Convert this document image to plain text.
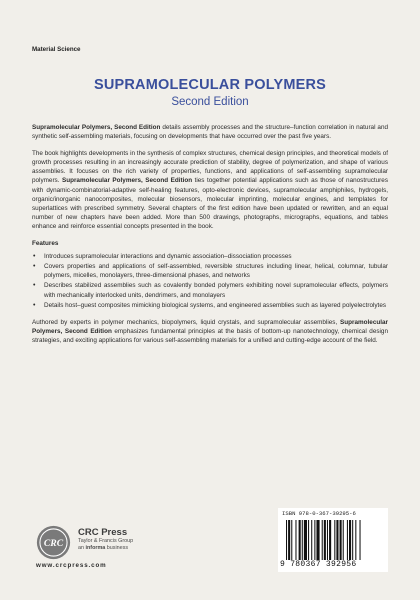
Material Science
SUPRAMOLECULAR POLYMERS
Second Edition

Supramolecular Polymers, Second Edition details assembly processes and the structure–function correlation in natural and synthetic self-assembling materials, focusing on developments that have occurred over the past five years.

The book highlights developments in the synthesis of complex structures, chemical design principles, and theoretical models of growth processes resulting in an increasingly accurate prediction of stability, degree of polymerization, and shape of various assemblies. It focuses on the rich variety of properties, functions, and applications of self-assembling supramolecular polymers. Supramolecular Polymers, Second Edition ties together potential applications such as those of nanostructures with dynamic-combinatorial-adaptive self-healing features, opto-electronic devices, supramolecular amphiphiles, hydrogels, organic/inorganic nanocomposites, molecular biosensors, molecular imprinting, molecular engines, and templates for superlattices with prescribed symmetry. Several chapters of the first edition have been updated or rewritten, and an equal number of new chapters have been added. More than 500 drawings, photographs, micrographs, equations, and tables enhance and reinforce essential concepts presented in the book.

Features
• Introduces supramolecular interactions and dynamic association–dissociation processes
• Covers properties and applications of self-assembled, reversible structures including linear, helical, columnar, tubular polymers, micelles, monolayers, three-dimensional phases, and networks
• Describes stabilized assemblies such as covalently bonded polymers exhibiting novel supramolecular effects, polymers with mechanically interlocked units, dendrimers, and monolayers
• Details host–guest composites mimicking biological systems, and engineered assemblies such as layered polyelectrolytes

Authored by experts in polymer mechanics, biopolymers, liquid crystals, and supramolecular assemblies, Supramolecular Polymers, Second Edition emphasizes fundamental principles at the basis of bottom-up nanotechnology, chemical design strategies, and exciting applications for various self-assembling materials for a unified and cutting-edge account of the field.

CRC
CRC Press
Taylor & Francis Group
an informa business
www.crcpress.com
ISBN 978-0-367-39295-6
9 780367 392956
